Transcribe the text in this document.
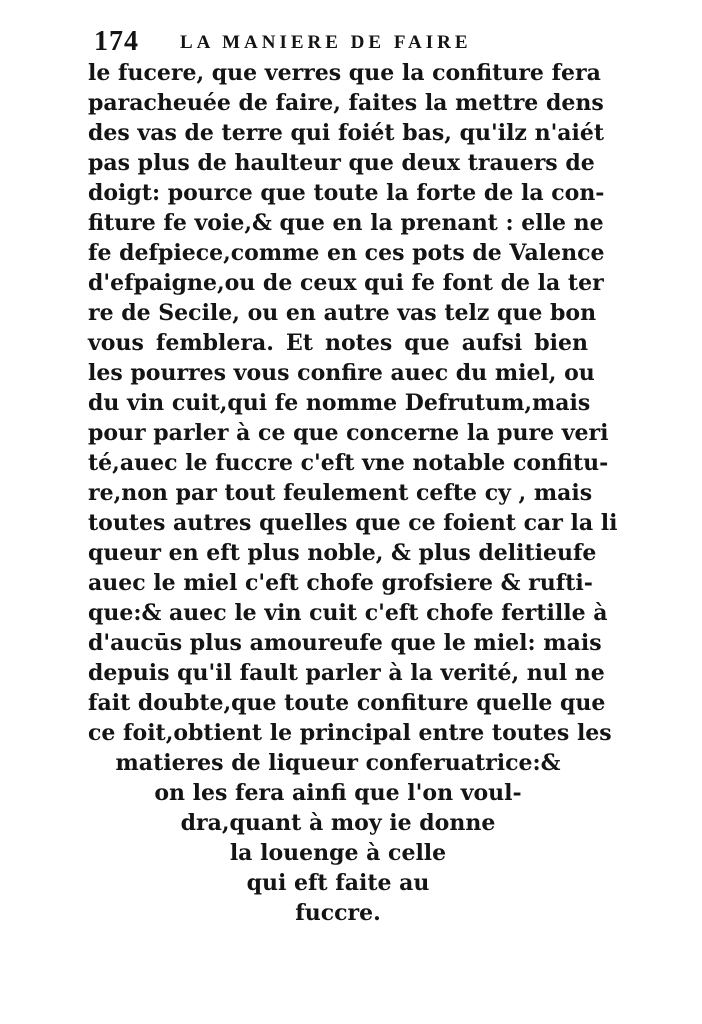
174 LA MANIERE DE FAIRE
le fucere, que verres que la confiture fera
paracheuée de faire, faites la mettre dens
des vas de terre qui foiét bas, qu'ilz n'aiét
pas plus de haulteur que deux trauers de
doigt: pource que toute la forte de la con-
fiture fe voie,& que en la prenant : elle ne
fe defpiece,comme en ces pots de Valence
d'efpaigne,ou de ceux qui fe font de la ter
re de Secile, ou en autre vas telz que bon
vous femblera. Et notes que aufsi bien
les pourres vous confire auec du miel, ou
du vin cuit,qui fe nomme Defrutum,mais
pour parler à ce que concerne la pure veri
té,auec le fuccre c'eft vne notable confitu-
re,non par tout feulement cefte cy , mais
toutes autres quelles que ce foient car la li
queur en eft plus noble, & plus delitieufe
auec le miel c'eft chofe grofsiere & rufti-
que:& auec le vin cuit c'eft chofe fertille à
d'aucūs plus amoureufe que le miel: mais
depuis qu'il fault parler à la verité, nul ne
fait doubte,que toute confiture quelle que
ce foit,obtient le principal entre toutes les
matieres de liqueur conferuatrice:&
on les fera ainfi que l'on voul-
dra,quant à moy ie donne
la louenge à celle
qui eft faite au
fuccre.
